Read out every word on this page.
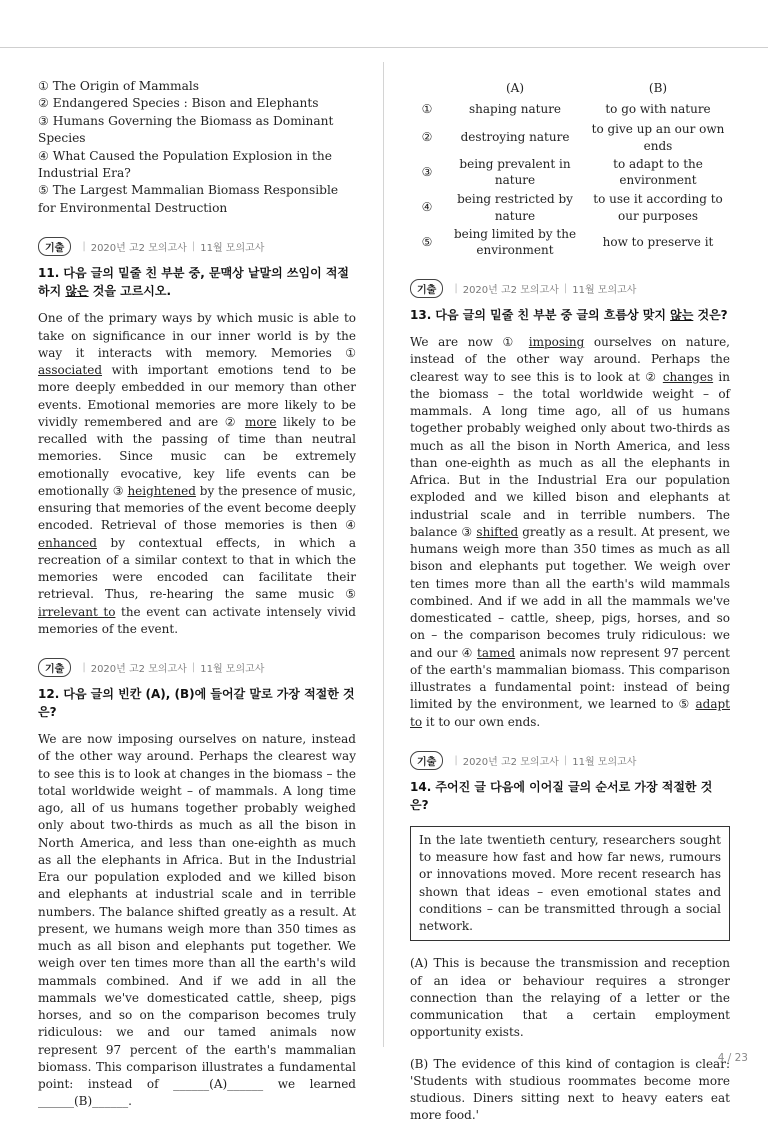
① The Origin of Mammals
② Endangered Species : Bison and Elephants
③ Humans Governing the Biomass as Dominant Species
④ What Caused the Population Explosion in the Industrial Era?
⑤ The Largest Mammalian Biomass Responsible for Environmental Destruction
기출	| 2020년 고2 모의고사 | 11월 모의고사
11. 다음 글의 밑줄 친 부분 중, 문맥상 낱말의 쓰임이 적절하지 않은 것을 고르시오.
One of the primary ways by which music is able to take on significance in our inner world is by the way it interacts with memory. Memories ① associated with important emotions tend to be more deeply embedded in our memory than other events. Emotional memories are more likely to be vividly remembered and are ② more likely to be recalled with the passing of time than neutral memories. Since music can be extremely emotionally evocative, key life events can be emotionally ③ heightened by the presence of music, ensuring that memories of the event become deeply encoded. Retrieval of those memories is then ④ enhanced by contextual effects, in which a recreation of a similar context to that in which the memories were encoded can facilitate their retrieval. Thus, re-hearing the same music ⑤ irrelevant to the event can activate intensely vivid memories of the event.
기출	| 2020년 고2 모의고사 | 11월 모의고사
12. 다음 글의 빈칸 (A), (B)에 들어갈 말로 가장 적절한 것은?
We are now imposing ourselves on nature, instead of the other way around. Perhaps the clearest way to see this is to look at changes in the biomass – the total worldwide weight – of mammals. A long time ago, all of us humans together probably weighed only about two-thirds as much as all the bison in North America, and less than one-eighth as much as all the elephants in Africa. But in the Industrial Era our population exploded and we killed bison and elephants at industrial scale and in terrible numbers. The balance shifted greatly as a result. At present, we humans weigh more than 350 times as much as all bison and elephants put together. We weigh over ten times more than all the earth's wild mammals combined. And if we add in all the mammals we've domesticated cattle, sheep, pigs horses, and so on the comparison becomes truly ridiculous: we and our tamed animals now represent 97 percent of the earth's mammalian biomass. This comparison illustrates a fundamental point: instead of ______(A)______ we learned ______(B)______.
	(A)	(B)
①	shaping nature	to go with nature
②	destroying nature	to give up an our own ends
③	being prevalent in nature	to adapt to the environment
④	being restricted by nature	to use it according to our purposes
⑤	being limited by the environment	how to preserve it
기출	| 2020년 고2 모의고사 | 11월 모의고사
13. 다음 글의 밑줄 친 부분 중 글의 흐름상 맞지 않는 것은?
We are now ① imposing ourselves on nature, instead of the other way around. Perhaps the clearest way to see this is to look at ② changes in the biomass – the total worldwide weight – of mammals. A long time ago, all of us humans together probably weighed only about two-thirds as much as all the bison in North America, and less than one-eighth as much as all the elephants in Africa. But in the Industrial Era our population exploded and we killed bison and elephants at industrial scale and in terrible numbers. The balance ③ shifted greatly as a result. At present, we humans weigh more than 350 times as much as all bison and elephants put together. We weigh over ten times more than all the earth's wild mammals combined. And if we add in all the mammals we've domesticated – cattle, sheep, pigs, horses, and so on – the comparison becomes truly ridiculous: we and our ④ tamed animals now represent 97 percent of the earth's mammalian biomass. This comparison illustrates a fundamental point: instead of being limited by the environment, we learned to ⑤ adapt to it to our own ends.
기출	| 2020년 고2 모의고사 | 11월 모의고사
14. 주어진 글 다음에 이어질 글의 순서로 가장 적절한 것은?
In the late twentieth century, researchers sought to measure how fast and how far news, rumours or innovations moved. More recent research has shown that ideas – even emotional states and conditions – can be transmitted through a social network.
(A) This is because the transmission and reception of an idea or behaviour requires a stronger connection than the relaying of a letter or the communication that a certain employment opportunity exists.
(B) The evidence of this kind of contagion is clear: 'Students with studious roommates become more studious. Diners sitting next to heavy eaters eat more food.'
4 / 23
